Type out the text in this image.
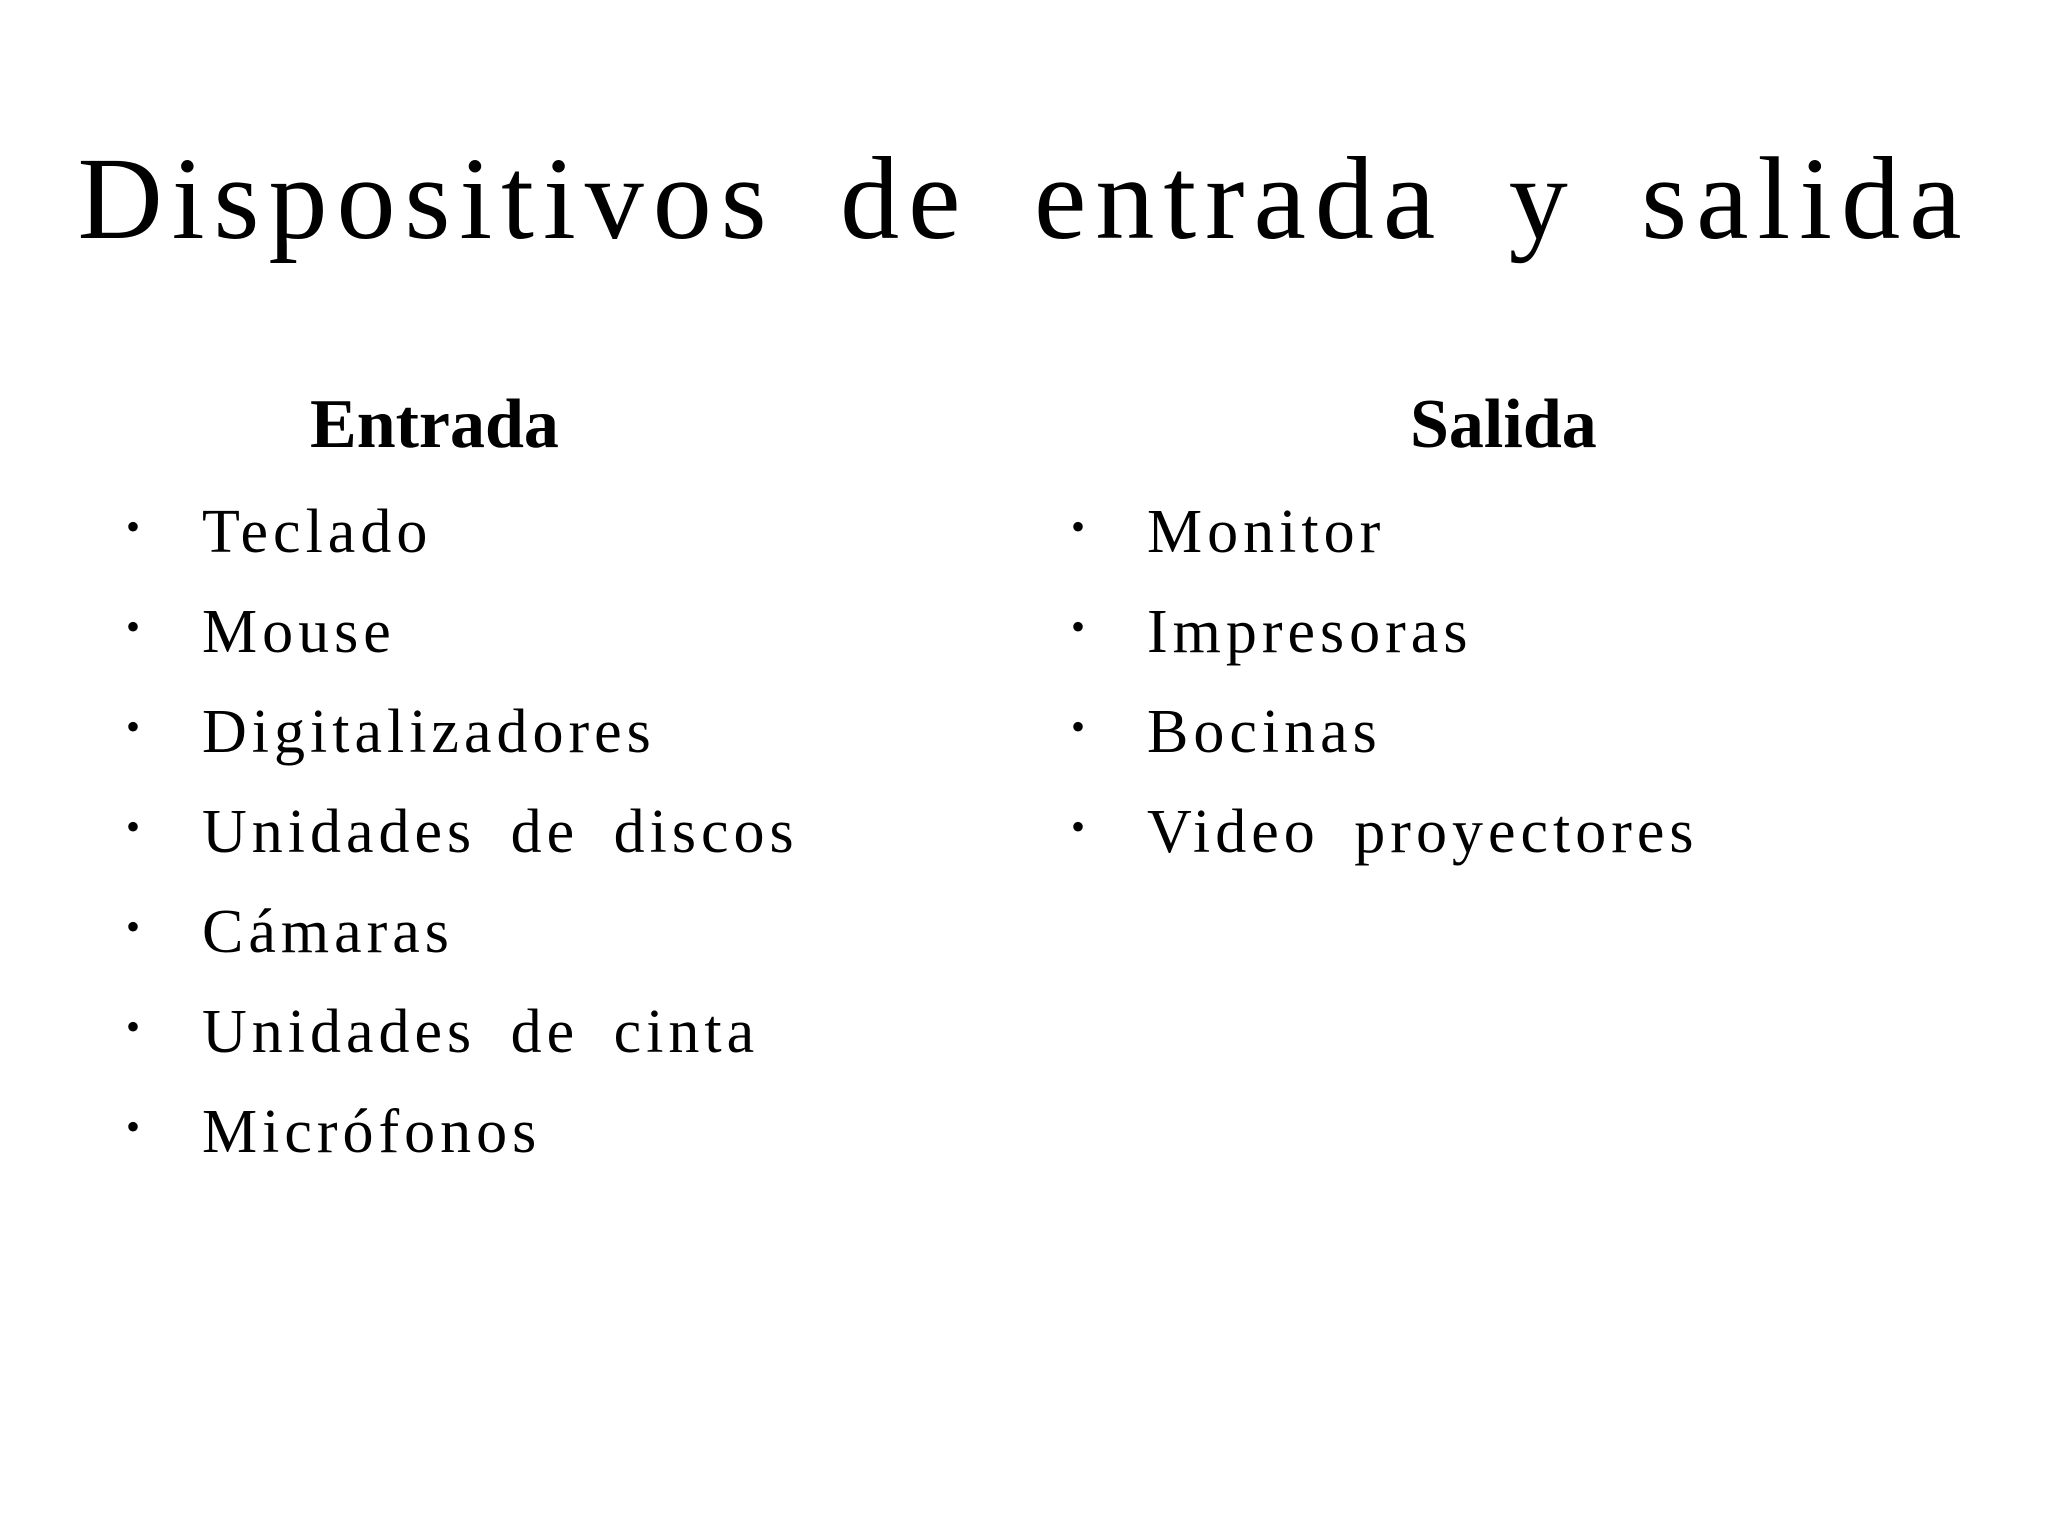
Dispositivos de entrada y salida
Entrada
• Teclado
• Mouse
• Digitalizadores
• Unidades de discos
• Cámaras
• Unidades de cinta
• Micrófonos
Salida
• Monitor
• Impresoras
• Bocinas
• Video proyectores
